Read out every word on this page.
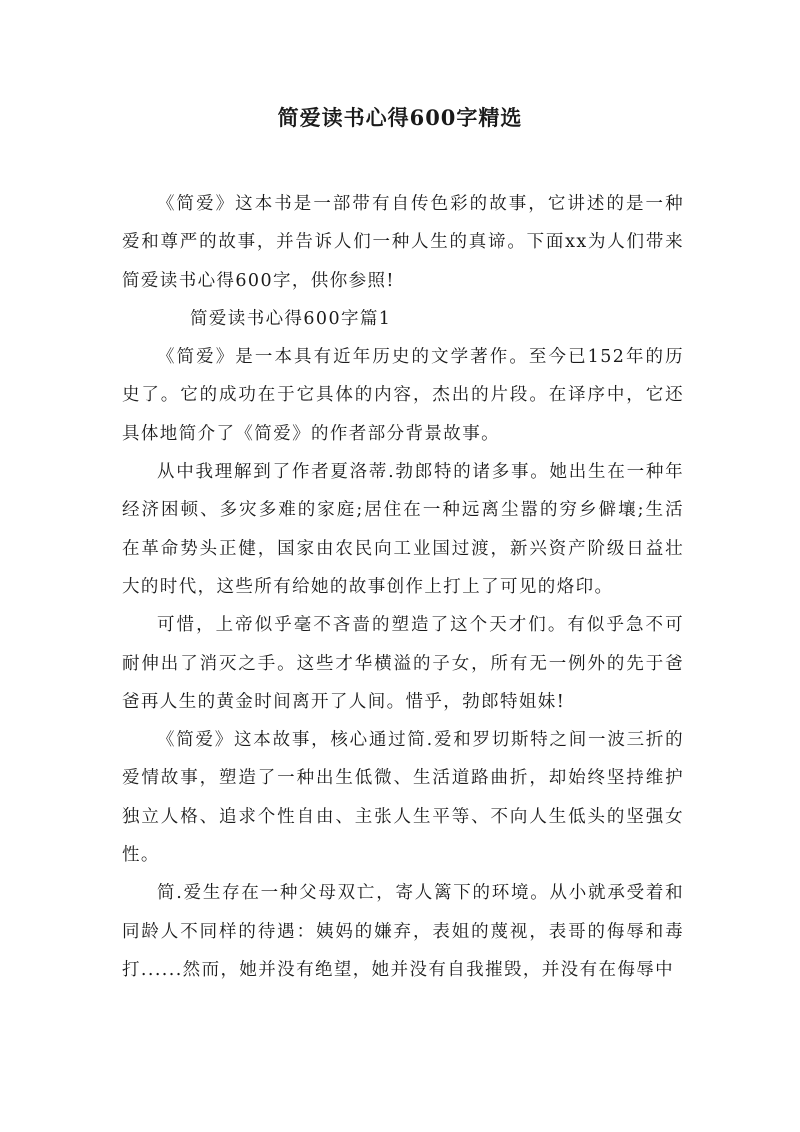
简爱读书心得600字精选

《简爱》这本书是一部带有自传色彩的故事，它讲述的是一种爱和尊严的故事，并告诉人们一种人生的真谛。下面xx为人们带来简爱读书心得600字，供你参照!

简爱读书心得600字篇1

《简爱》是一本具有近年历史的文学著作。至今已152年的历史了。它的成功在于它具体的内容，杰出的片段。在译序中，它还具体地简介了《简爱》的作者部分背景故事。

从中我理解到了作者夏洛蒂.勃郎特的诸多事。她出生在一种年经济困顿、多灾多难的家庭;居住在一种远离尘嚣的穷乡僻壤;生活在革命势头正健，国家由农民向工业国过渡，新兴资产阶级日益壮大的时代，这些所有给她的故事创作上打上了可见的烙印。

可惜，上帝似乎毫不吝啬的塑造了这个天才们。有似乎急不可耐伸出了消灭之手。这些才华横溢的子女，所有无一例外的先于爸爸再人生的黄金时间离开了人间。惜乎，勃郎特姐妹!

《简爱》这本故事，核心通过简.爱和罗切斯特之间一波三折的爱情故事，塑造了一种出生低微、生活道路曲折，却始终坚持维护独立人格、追求个性自由、主张人生平等、不向人生低头的坚强女性。

简.爱生存在一种父母双亡，寄人篱下的环境。从小就承受着和同龄人不同样的待遇：姨妈的嫌弃，表姐的蔑视，表哥的侮辱和毒打......然而，她并没有绝望，她并没有自我摧毁，并没有在侮辱中
